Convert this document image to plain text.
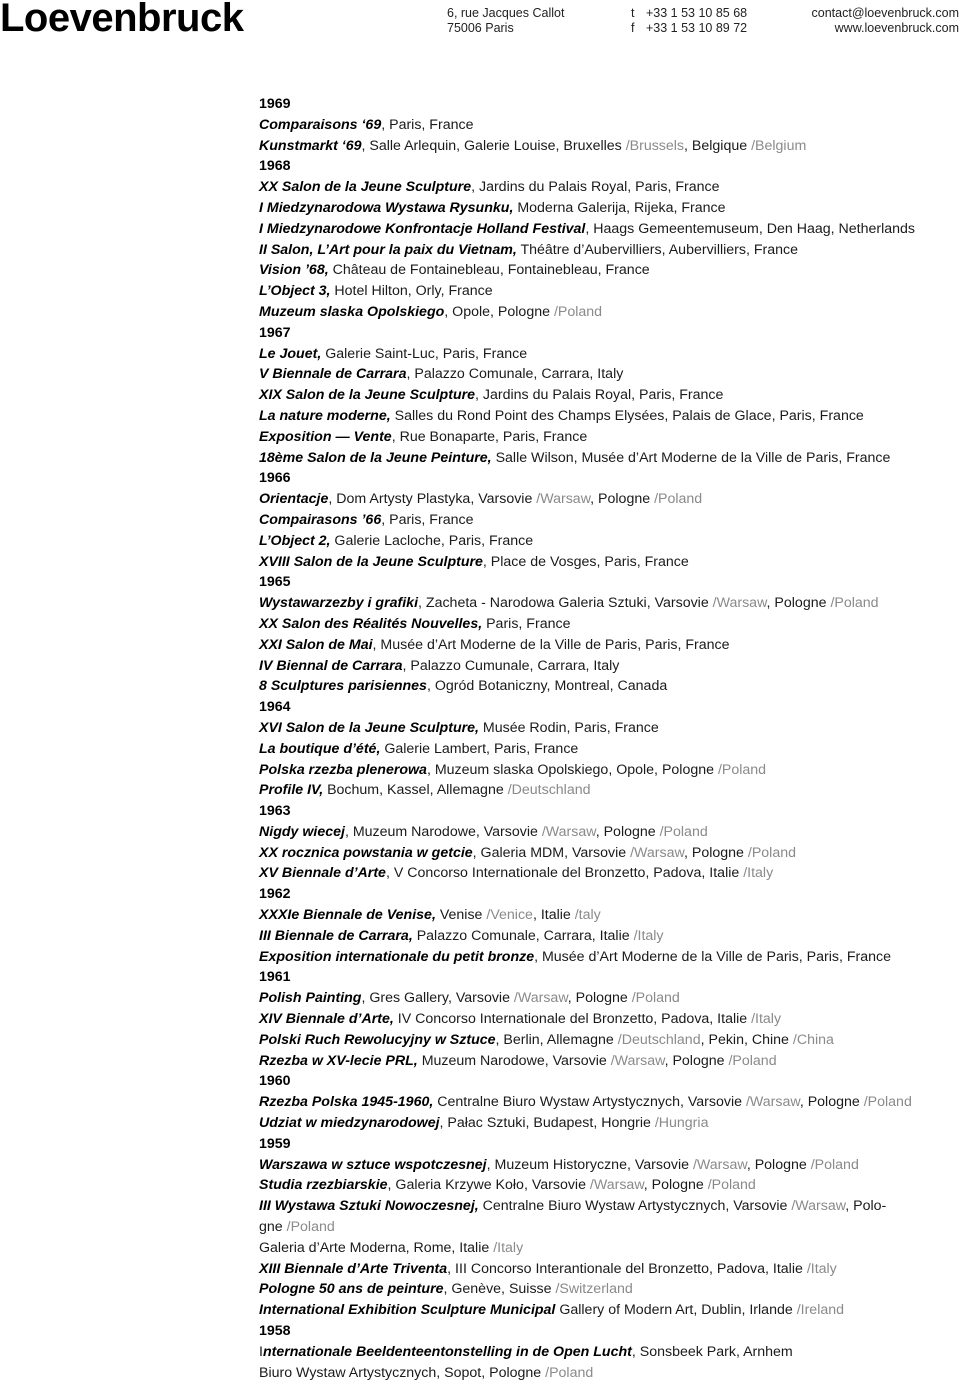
Loevenbruck	6, rue Jacques Callot
75006 Paris
t +33 1 53 10 85 68
f +33 1 53 10 89 72
contact@loevenbruck.com
www.loevenbruck.com
1969
Comparaisons ‘69, Paris, France
Kunstmarkt ‘69, Salle Arlequin, Galerie Louise, Bruxelles /Brussels, Belgique /Belgium
1968
XX Salon de la Jeune Sculpture, Jardins du Palais Royal, Paris, France
I Miedzynarodowa Wystawa Rysunku, Moderna Galerija, Rijeka, France
I Miedzynarodowe Konfrontacje Holland Festival, Haags Gemeentemuseum, Den Haag, Netherlands
II Salon, L’Art pour la paix du Vietnam, Théâtre d’Aubervilliers, Aubervilliers, France
Vision ’68, Château de Fontainebleau, Fontainebleau, France
L’Object 3, Hotel Hilton, Orly, France
Muzeum slaska Opolskiego, Opole, Pologne /Poland
1967
Le Jouet, Galerie Saint-Luc, Paris, France
V Biennale de Carrara, Palazzo Comunale, Carrara, Italy
XIX Salon de la Jeune Sculpture, Jardins du Palais Royal, Paris, France
La nature moderne, Salles du Rond Point des Champs Elysées, Palais de Glace, Paris, France
Exposition — Vente, Rue Bonaparte, Paris, France
18ème Salon de la Jeune Peinture, Salle Wilson, Musée d’Art Moderne de la Ville de Paris, France
1966
Orientacje, Dom Artysty Plastyka, Varsovie /Warsaw, Pologne /Poland
Compairasons ’66, Paris, France
L’Object 2, Galerie Lacloche, Paris, France
XVIII Salon de la Jeune Sculpture, Place de Vosges, Paris, France
1965
Wystawarzezby i grafiki, Zacheta - Narodowa Galeria Sztuki, Varsovie /Warsaw, Pologne /Poland
XX Salon des Réalités Nouvelles, Paris, France
XXI Salon de Mai, Musée d’Art Moderne de la Ville de Paris, Paris, France
IV Biennal de Carrara, Palazzo Cumunale, Carrara, Italy
8 Sculptures parisiennes, Ogród Botaniczny, Montreal, Canada
1964
XVI Salon de la Jeune Sculpture, Musée Rodin, Paris, France
La boutique d’été, Galerie Lambert, Paris, France
Polska rzezba plenerowa, Muzeum slaska Opolskiego, Opole, Pologne /Poland
Profile IV, Bochum, Kassel, Allemagne /Deutschland
1963
Nigdy wiecej, Muzeum Narodowe, Varsovie /Warsaw, Pologne /Poland
XX rocznica powstania w getcie, Galeria MDM, Varsovie /Warsaw, Pologne /Poland
XV Biennale d’Arte, V Concorso Internationale del Bronzetto, Padova, Italie /Italy
1962
XXXIe Biennale de Venise, Venise /Venice, Italie /taly
III Biennale de Carrara, Palazzo Comunale, Carrara, Italie /Italy
Exposition internationale du petit bronze, Musée d’Art Moderne de la Ville de Paris, Paris, France
1961
Polish Painting, Gres Gallery, Varsovie /Warsaw, Pologne /Poland
XIV Biennale d’Arte, IV Concorso Internationale del Bronzetto, Padova, Italie /Italy
Polski Ruch Rewolucyjny w Sztuce, Berlin, Allemagne /Deutschland, Pekin, Chine /China
Rzezba w XV-lecie PRL, Muzeum Narodowe, Varsovie /Warsaw, Pologne /Poland
1960
Rzezba Polska 1945-1960, Centralne Biuro Wystaw Artystycznych, Varsovie /Warsaw, Pologne /Poland
Udziat w miedzynarodowej, Pałac Sztuki, Budapest, Hongrie /Hungria
1959
Warszawa w sztuce wspotczesnej, Muzeum Historyczne, Varsovie /Warsaw, Pologne /Poland
Studia rzezbiarskie, Galeria Krzywe Koło, Varsovie /Warsaw, Pologne /Poland
III Wystawa Sztuki Nowoczesnej, Centralne Biuro Wystaw Artystycznych, Varsovie /Warsaw, Polo-
gne /Poland
Galeria d’Arte Moderna, Rome, Italie /Italy
XIII Biennale d’Arte Triventa, III Concorso Interantionale del Bronzetto, Padova, Italie /Italy
Pologne 50 ans de peinture, Genève, Suisse /Switzerland
International Exhibition Sculpture Municipal Gallery of Modern Art, Dublin, Irlande /Ireland
1958
Internationale Beeldenteentonstelling in de Open Lucht, Sonsbeek Park, Arnhem
Biuro Wystaw Artystycznych, Sopot, Pologne /Poland
